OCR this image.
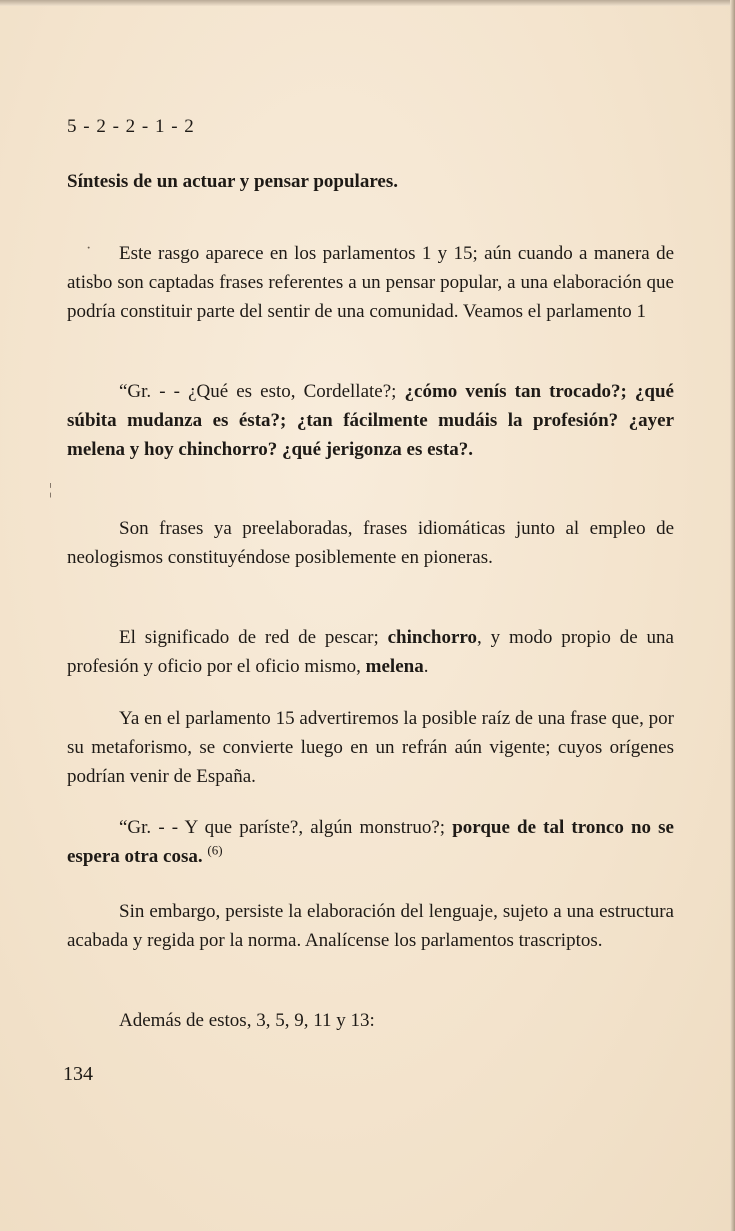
5 - 2 - 2 - 1 - 2
Síntesis de un actuar y pensar populares.
·	Este rasgo aparece en los parlamentos 1 y 15; aún cuando a manera de atisbo son captadas frases referentes a un pensar popular, a una elaboración que podría constituir parte del sentir de una comunidad. Veamos el parlamento 1

¦

“Gr. - - ¿Qué es esto, Cordellate?; ¿cómo venís tan trocado?; ¿qué súbita mudanza es ésta?; ¿tan fácilmente mudáis la profesión? ¿ayer melena y hoy chinchorro? ¿qué jerigonza es esta?.

Son frases ya preelaboradas, frases idiomáticas junto al empleo de neologismos constituyéndose posiblemente en pioneras.

El significado de red de pescar; chinchorro, y modo propio de una profesión y oficio por el oficio mismo, melena.

Ya en el parlamento 15 advertiremos la posible raíz de una frase que, por su metaforismo, se convierte luego en un refrán aún vigente; cuyos orígenes podrían venir de España.

“Gr. - - Y que paríste?, algún monstruo?; porque de tal tronco no se espera otra cosa. $^{(6)}$

Sin embargo, persiste la elaboración del lenguaje, sujeto a una estructura acabada y regida por la norma. Analícense los parlamentos trascriptos.

Además de estos, 3, 5, 9, 11 y 13:

134
